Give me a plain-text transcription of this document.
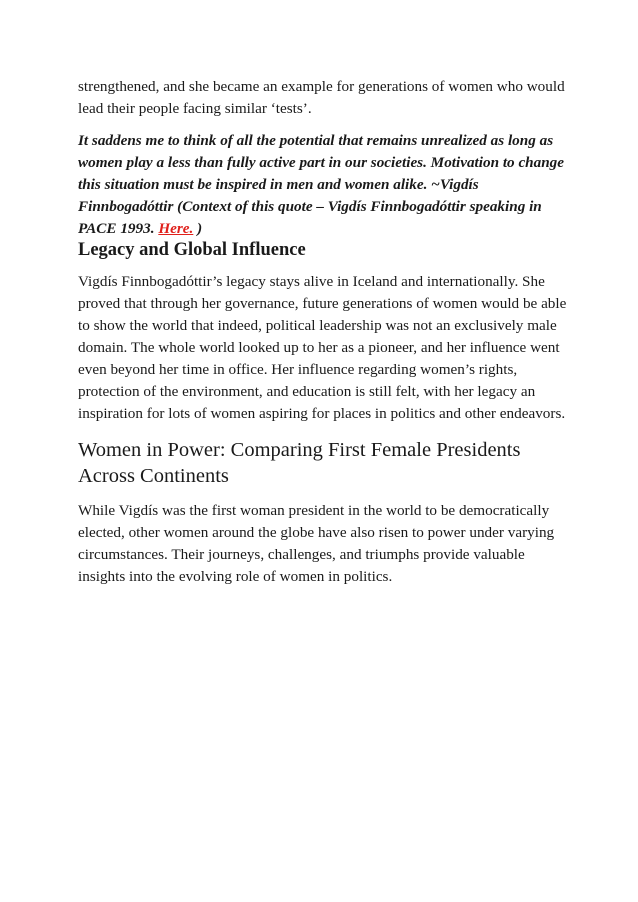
strengthened, and she became an example for generations of women who would lead their people facing similar ‘tests’.

It saddens me to think of all the potential that remains unrealized as long as women play a less than fully active part in our societies. Motivation to change this situation must be inspired in men and women alike. ~Vigdís Finnbogadóttir (Context of this quote – Vigdís Finnbogadóttir speaking in PACE 1993. Here. )

Legacy and Global Influence

Vigdís Finnbogadóttir’s legacy stays alive in Iceland and internationally. She proved that through her governance, future generations of women would be able to show the world that indeed, political leadership was not an exclusively male domain. The whole world looked up to her as a pioneer, and her influence went even beyond her time in office. Her influence regarding women’s rights, protection of the environment, and education is still felt, with her legacy an inspiration for lots of women aspiring for places in politics and other endeavors.

Women in Power: Comparing First Female Presidents Across Continents

While Vigdís was the first woman president in the world to be democratically elected, other women around the globe have also risen to power under varying circumstances. Their journeys, challenges, and triumphs provide valuable insights into the evolving role of women in politics.
